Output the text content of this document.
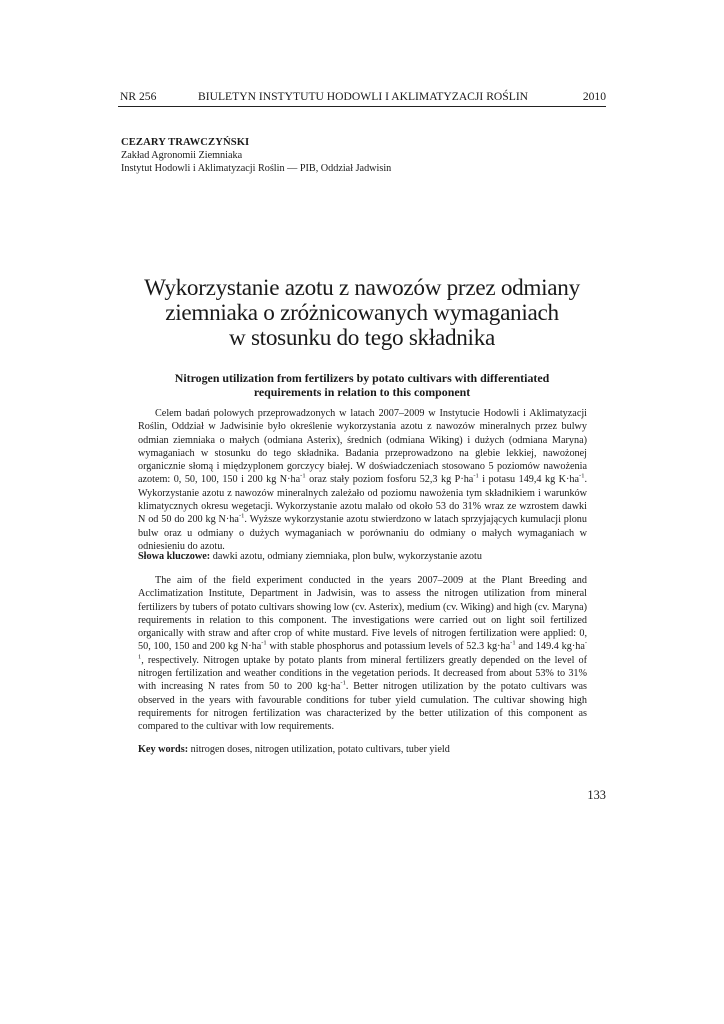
NR 256	BIULETYN INSTYTUTU HODOWLI I AKLIMATYZACJI ROŚLIN	2010
CEZARY TRAWCZYŃSKI
Zakład Agronomii Ziemniaka
Instytut Hodowli i Aklimatyzacji Roślin — PIB, Oddział Jadwisin
Wykorzystanie azotu z nawozów przez odmiany
ziemniaka o zróżnicowanych wymaganiach
w stosunku do tego składnika
Nitrogen utilization from fertilizers by potato cultivars with differentiated
requirements in relation to this component

Celem badań polowych przeprowadzonych w latach 2007–2009 w Instytucie Hodowli i Aklimatyzacji Roślin, Oddział w Jadwisinie było określenie wykorzystania azotu z nawozów mineralnych przez bulwy odmian ziemniaka o małych (odmiana Asterix), średnich (odmiana Wiking) i dużych (odmiana Maryna) wymaganiach w stosunku do tego składnika. Badania przeprowadzono na glebie lekkiej, nawożonej organicznie słomą i międzyplonem gorczycy białej. W doświadczeniach stosowano 5 poziomów nawożenia azotem: 0, 50, 100, 150 i 200 kg $N\cdot ha^{-1}$ oraz stały poziom fosforu 52,3 kg $P\cdot ha^{-1}$ i potasu 149,4 kg $K\cdot ha^{-1}$. Wykorzystanie azotu z nawozów mineralnych zależało od poziomu nawożenia tym składnikiem i warunków klimatycznych okresu wegetacji. Wykorzystanie azotu malało od około 53 do 31% wraz ze wzrostem dawki N od 50 do 200 kg $N\cdot ha^{-1}$. Wyższe wykorzystanie azotu stwierdzono w latach sprzyjających kumulacji plonu bulw oraz u odmiany o dużych wymaganiach w porównaniu do odmiany o małych wymaganiach w odniesieniu do azotu.

Słowa kluczowe: dawki azotu, odmiany ziemniaka, plon bulw, wykorzystanie azotu

The aim of the field experiment conducted in the years 2007–2009 at the Plant Breeding and Acclimatization Institute, Department in Jadwisin, was to assess the nitrogen utilization from mineral fertilizers by tubers of potato cultivars showing low (cv. Asterix), medium (cv. Wiking) and high (cv. Maryna) requirements in relation to this component. The investigations were carried out on light soil fertilized organically with straw and after crop of white mustard. Five levels of nitrogen fertilization were applied: 0, 50, 100, 150 and 200 kg $N\cdot ha^{-1}$ with stable phosphorus and potassium levels of 52.3 $kg\cdot ha^{-1}$ and 149.4 $kg\cdot ha^{-1}$, respectively. Nitrogen uptake by potato plants from mineral fertilizers greatly depended on the level of nitrogen fertilization and weather conditions in the vegetation periods. It decreased from about 53% to 31% with increasing N rates from 50 to 200 $kg\cdot ha^{-1}$. Better nitrogen utilization by the potato cultivars was observed in the years with favourable conditions for tuber yield cumulation. The cultivar showing high requirements for nitrogen fertilization was characterized by the better utilization of this component as compared to the cultivar with low requirements.

Key words: nitrogen doses, nitrogen utilization, potato cultivars, tuber yield

133
